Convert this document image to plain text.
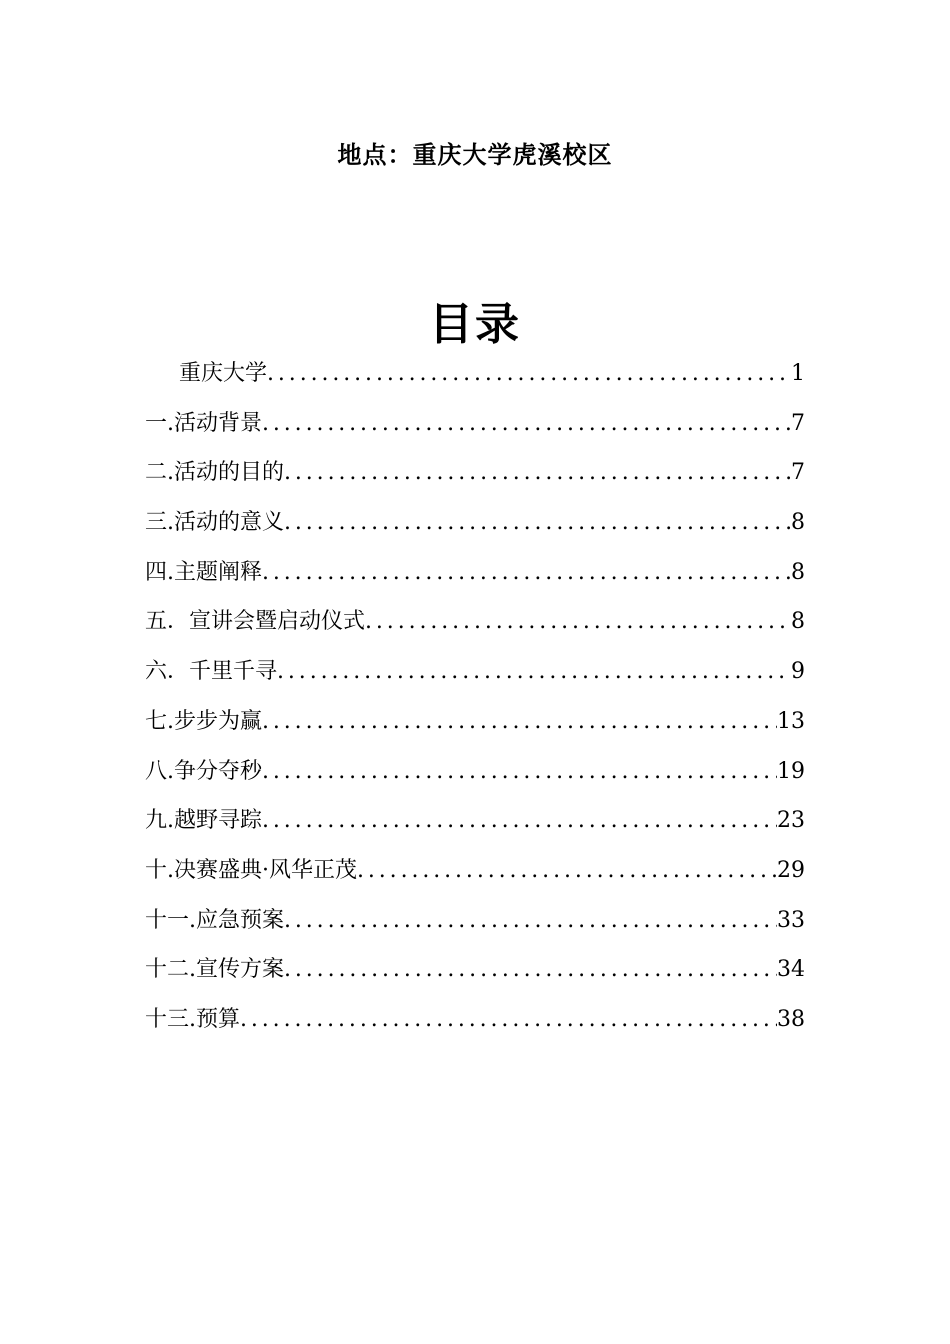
地点：重庆大学虎溪校区
目录
重庆大学 .....	1
一.活动背景 .....	7
二.活动的目的 .....	7
三.活动的意义 .....	8
四.主题阐释 .....	8
五．宣讲会暨启动仪式 .....	8
六．千里千寻 .....	9
七.步步为赢 .....	13
八.争分夺秒 .....	19
九.越野寻踪 .....	23
十.决赛盛典·风华正茂 .....	29
十一.应急预案 .....	33
十二.宣传方案 .....	34
十三.预算 .....	38
